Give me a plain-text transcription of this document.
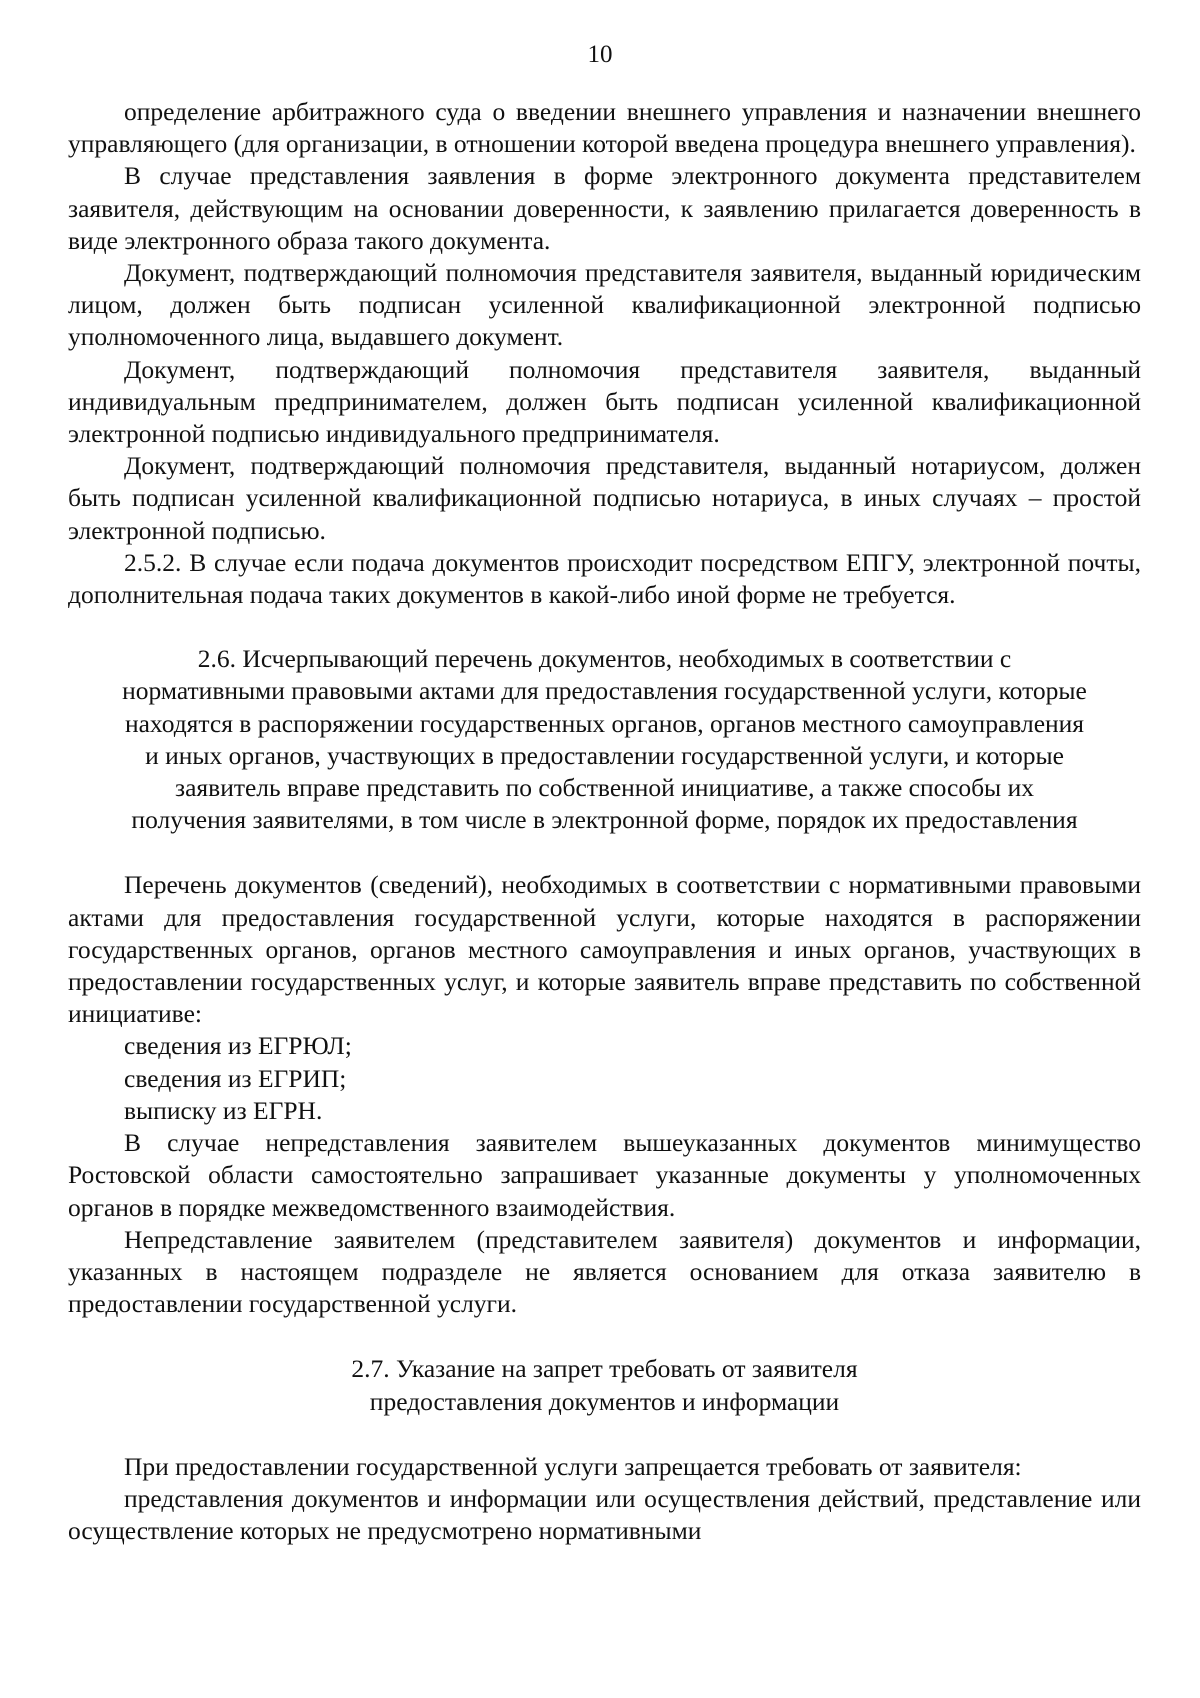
10

определение арбитражного суда о введении внешнего управления и назначении внешнего управляющего (для организации, в отношении которой введена процедура внешнего управления).

В случае представления заявления в форме электронного документа представителем заявителя, действующим на основании доверенности, к заявлению прилагается доверенность в виде электронного образа такого документа.

Документ, подтверждающий полномочия представителя заявителя, выданный юридическим лицом, должен быть подписан усиленной квалификационной электронной подписью уполномоченного лица, выдавшего документ.

Документ, подтверждающий полномочия представителя заявителя, выданный индивидуальным предпринимателем, должен быть подписан усиленной квалификационной электронной подписью индивидуального предпринимателя.

Документ, подтверждающий полномочия представителя, выданный нотариусом, должен быть подписан усиленной квалификационной подписью нотариуса, в иных случаях – простой электронной подписью.

2.5.2. В случае если подача документов происходит посредством ЕПГУ, электронной почты, дополнительная подача таких документов в какой-либо иной форме не требуется.

2.6. Исчерпывающий перечень документов, необходимых в соответствии с
нормативными правовыми актами для предоставления государственной услуги, которые
находятся в распоряжении государственных органов, органов местного самоуправления
и иных органов, участвующих в предоставлении государственной услуги, и которые
заявитель вправе представить по собственной инициативе, а также способы их
получения заявителями, в том числе в электронной форме, порядок их предоставления

Перечень документов (сведений), необходимых в соответствии с нормативными правовыми актами для предоставления государственной услуги, которые находятся в распоряжении государственных органов, органов местного самоуправления и иных органов, участвующих в предоставлении государственных услуг, и которые заявитель вправе представить по собственной инициативе:

сведения из ЕГРЮЛ;

сведения из ЕГРИП;

выписку из ЕГРН.

В случае непредставления заявителем вышеуказанных документов минимущество Ростовской области самостоятельно запрашивает указанные документы у уполномоченных органов в порядке межведомственного взаимодействия.

Непредставление заявителем (представителем заявителя) документов и информации, указанных в настоящем подразделе не является основанием для отказа заявителю в предоставлении государственной услуги.

2.7. Указание на запрет требовать от заявителя
предоставления документов и информации

При предоставлении государственной услуги запрещается требовать от заявителя:

представления документов и информации или осуществления действий, представление или осуществление которых не предусмотрено нормативными
